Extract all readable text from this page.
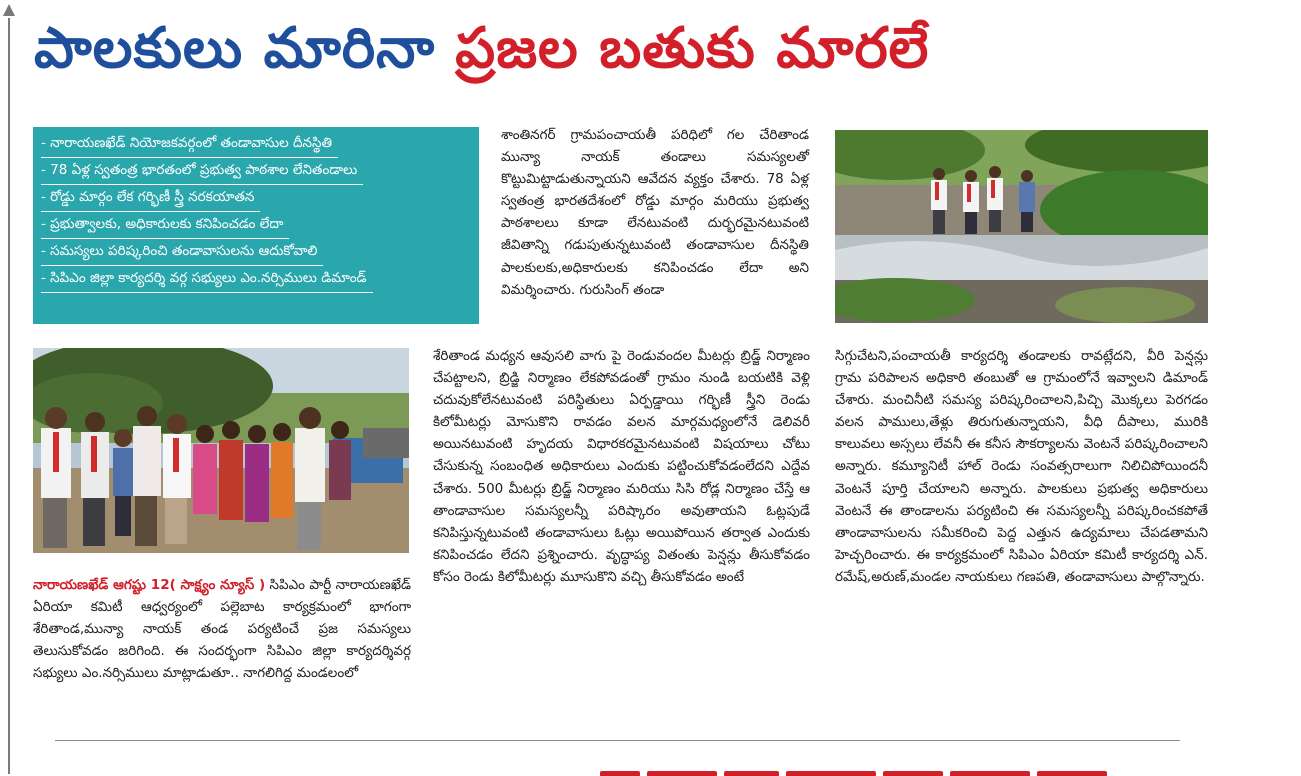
పాలకులు మారినా ప్రజల బతుకు మారలే
- నారాయణఖేడ్ నియోజకవర్గంలో తండావాసుల దీనస్థితి
- 78 ఏళ్ల స్వతంత్ర భారతంలో ప్రభుత్వ పాఠశాల లేనితండాలు
- రోడ్డు మార్గం లేక గర్భిణీ స్త్రీ నరకయాతన
- ప్రభుత్వాలకు, అధికారులకు కనిపించడం లేదా
- సమస్యలు పరిష్కరించి తండావాసులను ఆదుకోవాలి
- సిపిఎం జిల్లా కార్యదర్శి వర్గ సభ్యులు ఎం.నర్సిములు డిమాండ్

నారాయణఖేడ్ ఆగష్టు 12( సాక్ష్యం న్యూస్ ) సిపిఎం పార్టీ నారాయణఖేడ్ ఏరియా కమిటీ ఆధ్వర్యంలో పల్లెబాట కార్యక్రమంలో భాగంగా శేరితాండ,మున్యా నాయక్ తండ పర్యటించే ప్రజ సమస్యలు తెలుసుకోవడం జరిగింది. ఈ సందర్భంగా సిపిఎం జిల్లా కార్యదర్శివర్గ సభ్యులు ఎం.నర్సిములు మాట్లాడుతూ.. నాగలిగిద్ద మండలంలో

శాంతినగర్ గ్రామపంచాయతీ పరిధిలో గల చేరితాండ మున్యా నాయక్ తండాలు సమస్యలతో కొట్టుమిట్టాడుతున్నాయని ఆవేదన వ్యక్తం చేశారు. 78 ఏళ్ల స్వతంత్ర భారతదేశంలో రోడ్డు మార్గం మరియు ప్రభుత్వ పాఠశాలలు కూడా లేనటువంటి దుర్భరమైనటువంటి జీవితాన్ని గడుపుతున్నటువంటి తండావాసుల దీనస్థితి పాలకులకు,అధికారులకు కనిపించడం లేదా అని విమర్శించారు. గురుసింగ్ తండా

శేరితాండ మధ్యన ఆవుసలి వాగు పై రెండువందల మీటర్లు బ్రిడ్జ్ నిర్మాణం చేపట్టాలని, బ్రిడ్జి నిర్మాణం లేకపోవడంతో గ్రామం నుండి బయటికి వెళ్లి చదువుకోలేనటువంటి పరిస్థితులు ఏర్పడ్డాయి గర్భిణీ స్త్రీని రెండు కిలోమీటర్లు మోసుకొని రావడం వలన మార్గమధ్యంలోనే డెలివరీ అయినటువంటి హృదయ విధారకరమైనటువంటి విషయాలు చోటు చేసుకున్న సంబంధిత అధికారులు ఎందుకు పట్టించుకోవడంలేదని ఎద్దేవ చేశారు. 500 మీటర్లు బ్రిడ్జ్ నిర్మాణం మరియు సిసి రోడ్ల నిర్మాణం చేస్తే ఆ తాండావాసుల సమస్యలన్నీ పరిష్కారం అవుతాయని ఓట్లపుడే కనిపిస్తున్నటువంటి తండావాసులు ఓట్లు అయిపోయిన తర్వాత ఎందుకు కనిపించడం లేదని ప్రశ్నించారు. వృద్ధాప్య వితంతు పెన్షన్లు తీసుకోవడం కోసం రెండు కిలోమీటర్లు మూసుకొని వచ్చి తీసుకోవడం అంటే

సిగ్గుచేటని,పంచాయతీ కార్యదర్శి తండాలకు రావట్లేదని, వీరి పెన్షన్లు గ్రామ పరిపాలన అధికారి తంబుతో ఆ గ్రామంలోనే ఇవ్వాలని డిమాండ్ చేశారు. మంచినీటి సమస్య పరిష్కరించాలని,పిచ్చి మొక్కలు పెరగడం వలన పాములు,తేళ్లు తిరుగుతున్నాయని, వీధి దీపాలు, మురికి కాలువలు అస్సలు లేవనీ ఈ కనీస సౌకర్యాలను వెంటనే పరిష్కరించాలని అన్నారు. కమ్యూనిటీ హాల్ రెండు సంవత్సరాలుగా నిలిచిపోయిందనీ వెంటనే పూర్తి చేయాలని అన్నారు. పాలకులు ప్రభుత్వ అధికారులు వెంటనే ఈ తాండాలను పర్యటించి ఈ సమస్యలన్నీ పరిష్కరించకపోతే తాండావాసులను సమీకరించి పెద్ద ఎత్తున ఉద్యమాలు చేపడతామని హెచ్చరించారు. ఈ కార్యక్రమంలో సిపిఎం ఏరియా కమిటీ కార్యదర్శి ఎన్. రమేష్,అరుణ్,మండల నాయకులు గణపతి, తండావాసులు పాల్గొన్నారు.
